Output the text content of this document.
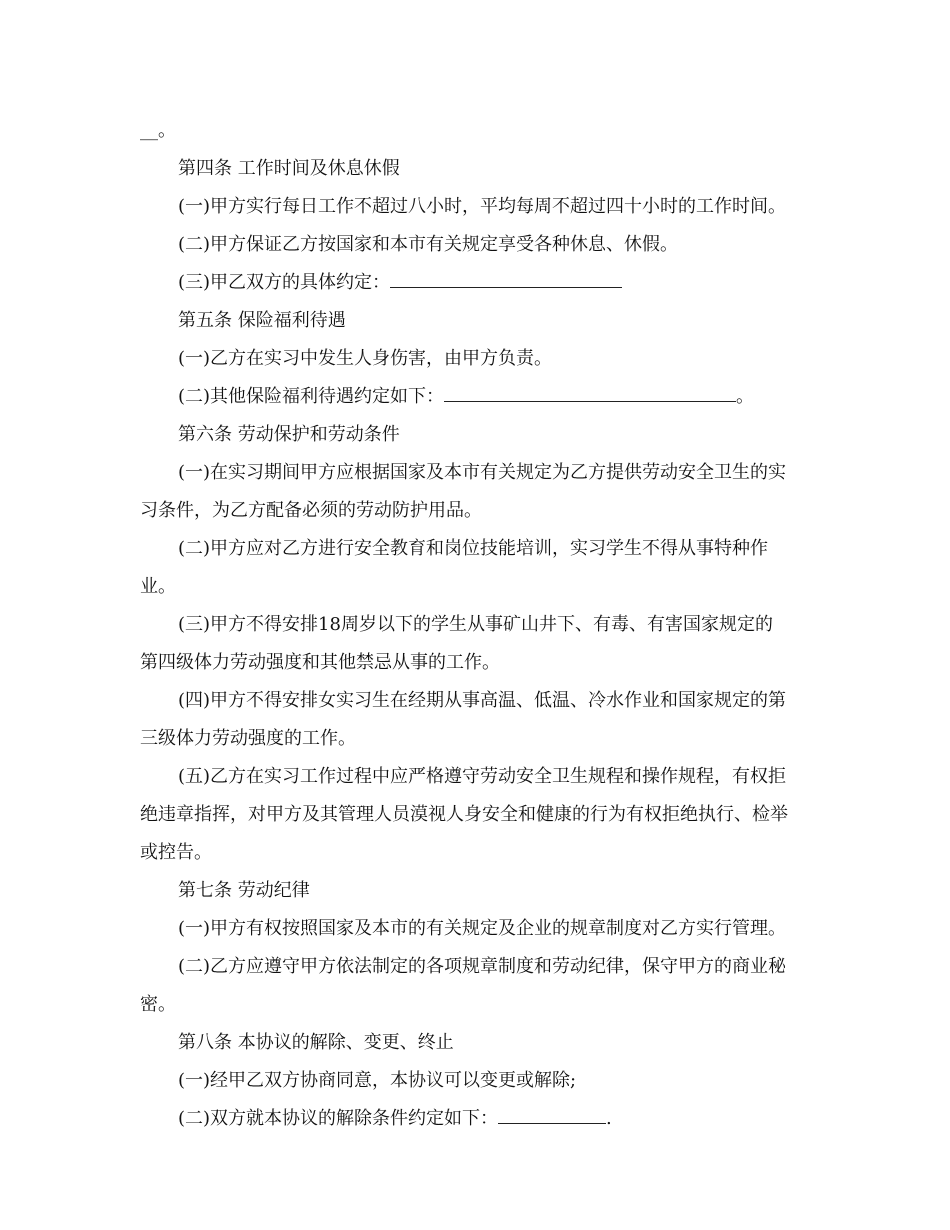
__。
第四条 工作时间及休息休假
(一)甲方实行每日工作不超过八小时，平均每周不超过四十小时的工作时间。
(二)甲方保证乙方按国家和本市有关规定享受各种休息、休假。
(三)甲乙双方的具体约定：
第五条 保险福利待遇
(一)乙方在实习中发生人身伤害，由甲方负责。
(二)其他保险福利待遇约定如下：	。
第六条 劳动保护和劳动条件
(一)在实习期间甲方应根据国家及本市有关规定为乙方提供劳动安全卫生的实
习条件，为乙方配备必须的劳动防护用品。
(二)甲方应对乙方进行安全教育和岗位技能培训，实习学生不得从事特种作
业。
(三)甲方不得安排18周岁以下的学生从事矿山井下、有毒、有害国家规定的
第四级体力劳动强度和其他禁忌从事的工作。
(四)甲方不得安排女实习生在经期从事高温、低温、冷水作业和国家规定的第
三级体力劳动强度的工作。
(五)乙方在实习工作过程中应严格遵守劳动安全卫生规程和操作规程，有权拒
绝违章指挥，对甲方及其管理人员漠视人身安全和健康的行为有权拒绝执行、检举
或控告。
第七条 劳动纪律
(一)甲方有权按照国家及本市的有关规定及企业的规章制度对乙方实行管理。
(二)乙方应遵守甲方依法制定的各项规章制度和劳动纪律，保守甲方的商业秘
密。
第八条 本协议的解除、变更、终止
(一)经甲乙双方协商同意，本协议可以变更或解除;
(二)双方就本协议的解除条件约定如下：	.
